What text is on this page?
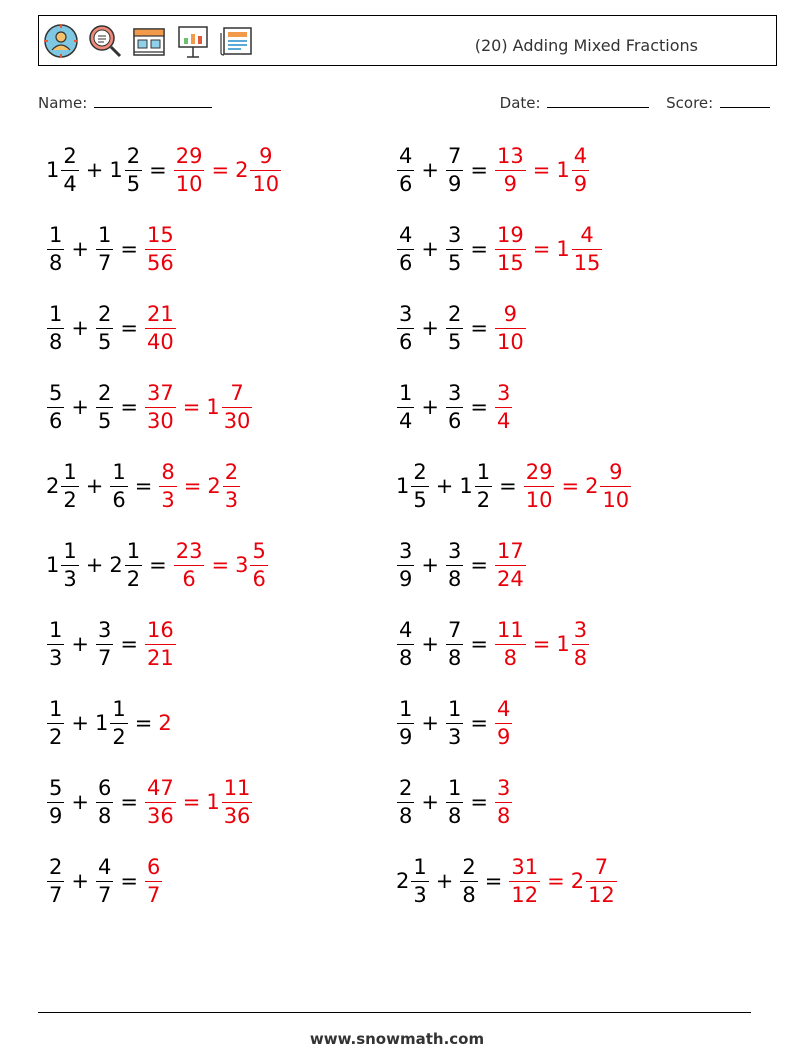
(20) Adding Mixed Fractions
Name:	Date:	Score:
$1 \frac{2}{4} + 1 \frac{2}{5} = \frac{29}{10} = 2 \frac{9}{10}$	$\frac{4}{6} + \frac{7}{9} = \frac{13}{9} = 1 \frac{4}{9}$
$\frac{1}{8} + \frac{1}{7} = \frac{15}{56}$	$\frac{4}{6} + \frac{3}{5} = \frac{19}{15} = 1 \frac{4}{15}$
$\frac{1}{8} + \frac{2}{5} = \frac{21}{40}$	$\frac{3}{6} + \frac{2}{5} = \frac{9}{10}$
$\frac{5}{6} + \frac{2}{5} = \frac{37}{30} = 1 \frac{7}{30}$	$\frac{1}{4} + \frac{3}{6} = \frac{3}{4}$
$2 \frac{1}{2} + \frac{1}{6} = \frac{8}{3} = 2 \frac{2}{3}$	$1 \frac{2}{5} + 1 \frac{1}{2} = \frac{29}{10} = 2 \frac{9}{10}$
$1 \frac{1}{3} + 2 \frac{1}{2} = \frac{23}{6} = 3 \frac{5}{6}$	$\frac{3}{9} + \frac{3}{8} = \frac{17}{24}$
$\frac{1}{3} + \frac{3}{7} = \frac{16}{21}$	$\frac{4}{8} + \frac{7}{8} = \frac{11}{8} = 1 \frac{3}{8}$
$\frac{1}{2} + 1 \frac{1}{2} = 2$	$\frac{1}{9} + \frac{1}{3} = \frac{4}{9}$
$\frac{5}{9} + \frac{6}{8} = \frac{47}{36} = 1 \frac{11}{36}$	$\frac{2}{8} + \frac{1}{8} = \frac{3}{8}$
$\frac{2}{7} + \frac{4}{7} = \frac{6}{7}$	$2 \frac{1}{3} + \frac{2}{8} = \frac{31}{12} = 2 \frac{7}{12}$
www.snowmath.com
